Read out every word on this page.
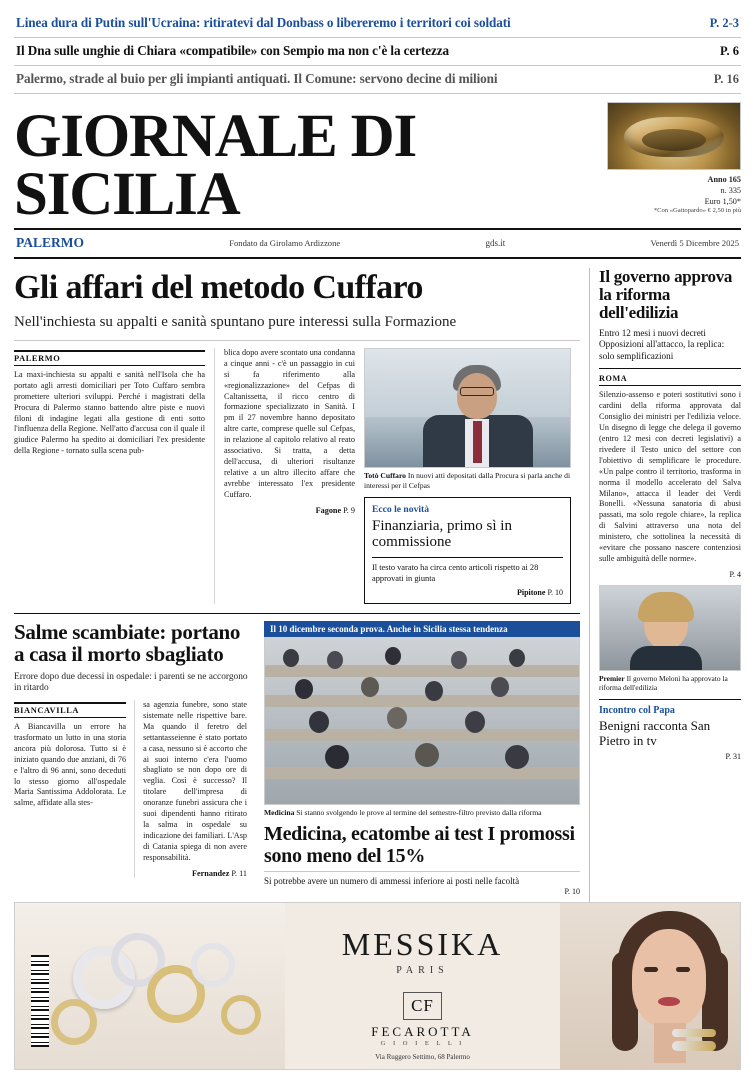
Linea dura di Putin sull'Ucraina: ritiratevi dal Donbass o libereremo i territori coi soldati	P. 2-3
Il Dna sulle unghie di Chiara «compatibile» con Sempio ma non c'è la certezza	P. 6
Palermo, strade al buio per gli impianti antiquati. Il Comune: servono decine di milioni	P. 16
GIORNALE DI SICILIA	Anno 165
n. 335
Euro 1,50*
*Con «Gattopardo» € 2,50 in più
PALERMO	Fondato da Girolamo Ardizzone	gds.it	Venerdì 5 Dicembre 2025
Gli affari del metodo Cuffaro
Nell'inchiesta su appalti e sanità spuntano pure interessi sulla Formazione
PALERMO

La maxi-inchiesta su appalti e sanità nell'Isola che ha portato agli arresti domiciliari per Toto Cuffaro sembra promettere ulteriori sviluppi. Perché i magistrati della Procura di Palermo stanno battendo altre piste e nuovi filoni di indagine legati alla gestione di enti sotto l'influenza della Regione. Nell'atto d'accusa con il quale il giudice Palermo ha spedito ai domiciliari l'ex presidente della Regione - tornato sulla scena pub-

blica dopo avere scontato una condanna a cinque anni - c'è un passaggio in cui si fa riferimento alla «regionalizzazione» del Cefpas di Caltanissetta, il ricco centro di formazione specializzato in Sanità. I pm il 27 novembre hanno depositato altre carte, comprese quelle sul Cefpas, in relazione al capitolo relativo al reato associativo. Si tratta, a detta dell'accusa, di ulteriori risultanze relative a un altro illecito affare che avrebbe interessato l'ex presidente Cuffaro.

Fagone P. 9
Totò Cuffaro In nuovi atti depositati dalla Procura si parla anche di interessi per il Cefpas
Ecco le novità
Finanziaria, primo sì in commissione
Il testo varato ha circa cento articoli rispetto ai 28 approvati in giunta
Pipitone P. 10
Salme scambiate: portano a casa il morto sbagliato
Errore dopo due decessi in ospedale: i parenti se ne accorgono in ritardo
BIANCAVILLA

A Biancavilla un errore ha trasformato un lutto in una storia ancora più dolorosa. Tutto si è iniziato quando due anziani, di 76 e l'altro di 96 anni, sono deceduti lo stesso giorno all'ospedale Maria Santissima Addolorata. Le salme, affidate alla stes-

sa agenzia funebre, sono state sistemate nelle rispettive bare. Ma quando il feretro del settantasseienne è stato portato a casa, nessuno si è accorto che ai suoi interno c'era l'uomo sbagliato se non dopo ore di veglia. Così è successo? Il titolare dell'impresa di onoranze funebri assicura che i suoi dipendenti hanno ritirato la salma in ospedale su indicazione dei familiari. L'Asp di Catania spiega di non avere responsabilità.

Fernandez P. 11
Il 10 dicembre seconda prova. Anche in Sicilia stessa tendenza
Medicina Si stanno svolgendo le prove al termine del semestre-filtro previsto dalla riforma
Medicina, ecatombe ai test I promossi sono meno del 15%
Si potrebbe avere un numero di ammessi inferiore ai posti nelle facoltà
P. 10
Il governo approva la riforma dell'edilizia
Entro 12 mesi i nuovi decreti Opposizioni all'attacco, la replica: solo semplificazioni
ROMA

Silenzio-assenso e poteri sostitutivi sono i cardini della riforma approvata dal Consiglio dei ministri per l'edilizia veloce. Un disegno di legge che delega il governo (entro 12 mesi con decreti legislativi) a rivedere il Testo unico del settore con l'obiettivo di semplificare le procedure. «Un palpe contro il territorio, trasforma in norma il modello accelerato del Salva Milano», attacca il leader dei Verdi Bonelli. «Nessuna sanatoria di abusi passati, ma solo regole chiare», la replica di Salvini attraverso una nota del ministero, che sottolinea la necessità di «evitare che possano nascere contenziosi sulle ambiguità delle norme».

P. 4
Premier Il governo Meloni ha approvato la riforma dell'edilizia
Incontro col Papa
Benigni racconta San Pietro in tv
P. 31
MESSIKA
PARIS
CF
FECAROTTA
G I O I E L L I
Via Ruggero Settimo, 68 Palermo
